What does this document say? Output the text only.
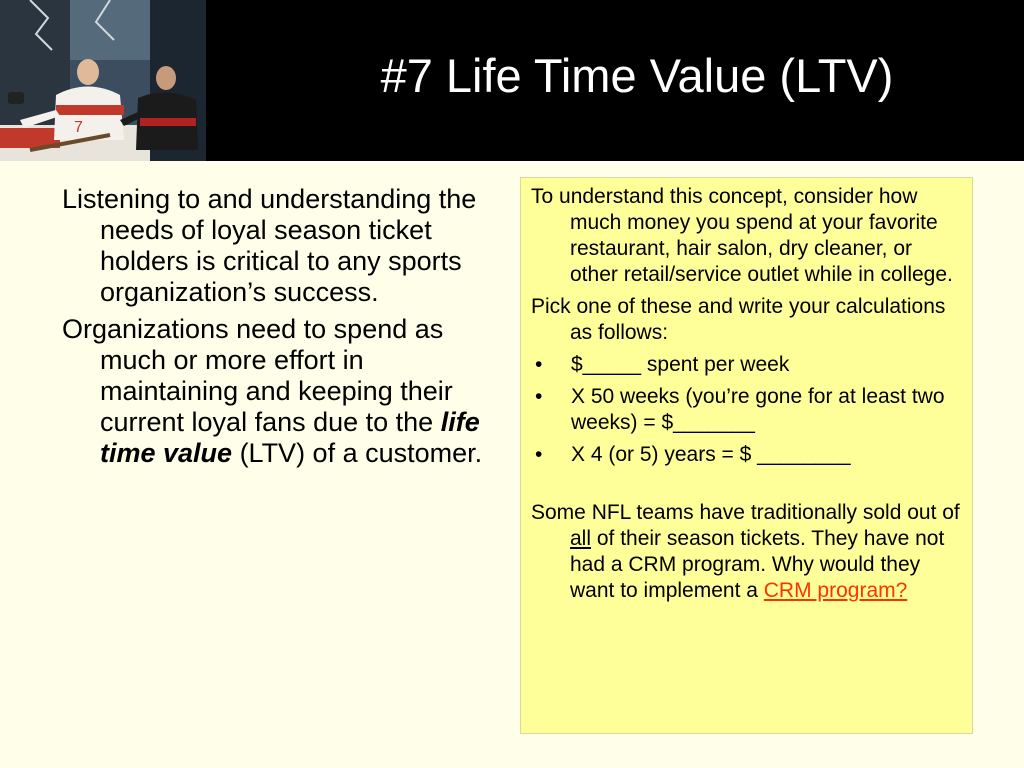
7
#7 Life Time Value (LTV)

Listening to and understanding the needs of loyal season ticket holders is critical to any sports organization’s success.

Organizations need to spend as much or more effort in maintaining and keeping their current loyal fans due to the life time value (LTV) of a customer.

To understand this concept, consider how much money you spend at your favorite restaurant, hair salon, dry cleaner, or other retail/service outlet while in college.

Pick one of these and write your calculations as follows:

• $_____ spent per week
• X 50 weeks (you’re gone for at least two weeks) = $_______
• X 4 (or 5) years = $ ________

Some NFL teams have traditionally sold out of all of their season tickets. They have not had a CRM program. Why would they want to implement a CRM program?
